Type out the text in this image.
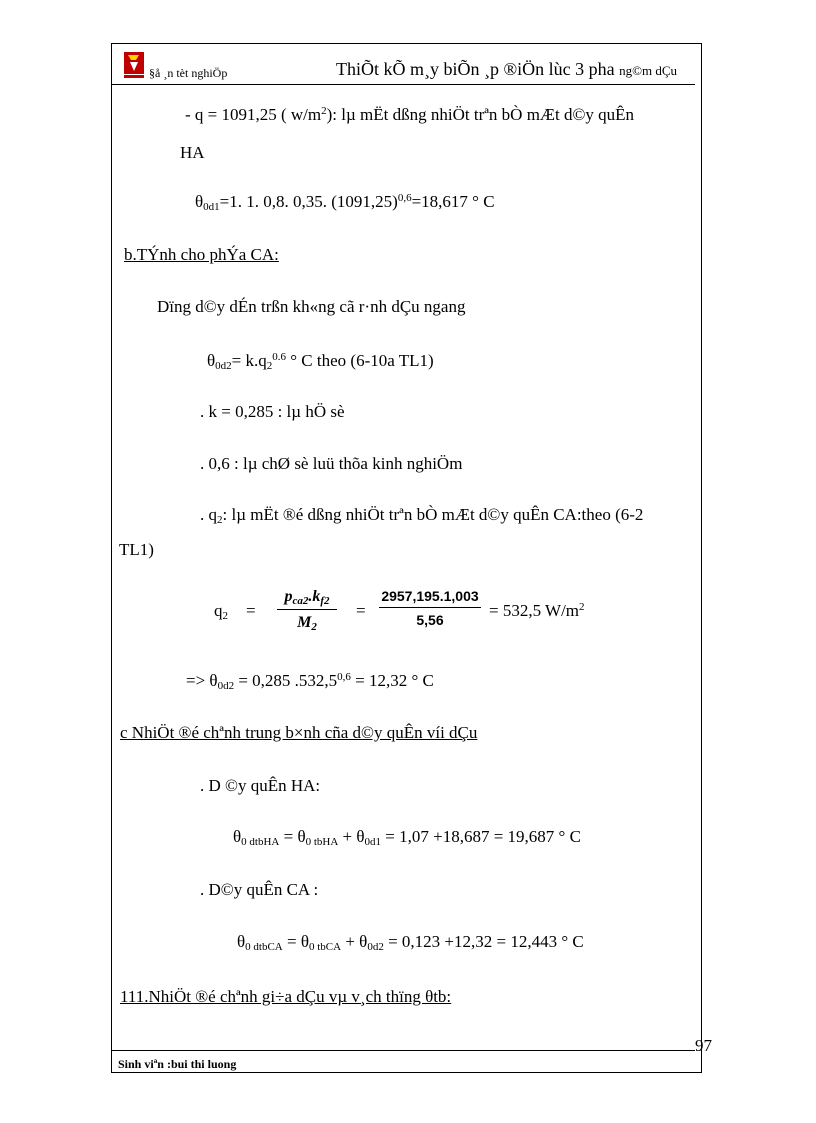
§å ¸n tèt nghiÖp	ThiÕt kÕ m¸y biÕn ¸p ®iÖn lùc 3 pha ng©m dÇu
- q = 1091,25 ( $w/m^2$): lµ mËt dßng nhiÖt trªn bÒ mÆt d©y quÊn
HA
$\theta_{0d1}=1$. 1. 0,8. 0,35. $(1091,25)^{0,6}=18,617$ ° C
b.TÝnh cho phÝa CA:
Dïng d©y dÉn trßn kh«ng cã r·nh dÇu ngang
$\theta_{0d2}= k.q_2^{0.6}$ ° C theo (6-10a TL1)
. k = 0,285 : lµ hÖ sè
. 0,6 : lµ chØ sè luü thõa kinh nghiÖm
. $q_2$: lµ mËt ®é dßng nhiÖt trªn bÒ mÆt d©y quÊn CA:theo (6-2
TL1)
$q_2$ =
$p_{ca2}.k_{f2}$
$M_2$
= $\frac{2957,195.1,003}{5,56} = 532,5$ $W/m^2$
=> $\theta_{0d2} = 0,285$ $.532,5^{0,6} = 12,32$ ° C
c NhiÖt ®é chªnh trung b×nh cña d©y quÊn víi dÇu
. D ©y quÊn HA:
$\theta_{0 dtbHA} = \theta_{0 tbHA} + \theta_{0d1} = 1,07 +18,687 = 19,687$ ° C
. D©y quÊn CA :
$\theta_{0 dtbCA} = \theta_{0 tbCA} + \theta_{0d2} = 0,123 +12,32 = 12,443$ ° C
111.NhiÖt ®é chªnh gi÷a dÇu vµ v¸ch thïng θtb:
97
Sinh viªn :bui thi luong
